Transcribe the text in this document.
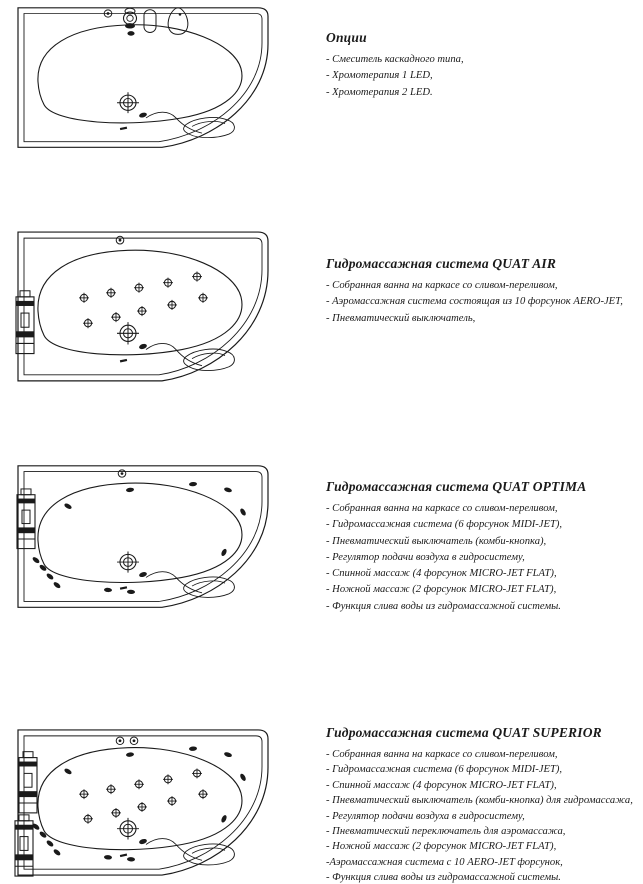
Опции

- Смеситель каскадного типа,

- Хромотерапия 1 LED,

- Хромотерапия 2 LED.

Гидромассажная система QUAT AIR

- Собранная ванна на каркасе со сливом-переливом,

- Аэромассажная система состоящая из 10 форсунок AERO-JET,

- Пневматический выключатель,

Гидромассажная система QUAT OPTIMA

- Собранная ванна на каркасе со сливом-переливом,

- Гидромассажная система (6 форсунок MIDI-JET),

- Пневматический выключатель (комби-кнопка),

- Регулятор подачи воздуха в гидросистему,

- Спинной массаж (4 форсунок MICRO-JET FLAT),

- Ножной массаж (2 форсунок MICRO-JET FLAT),

- Функция слива воды из гидромассажной системы.

Гидромассажная система QUAT SUPERIOR

- Собранная ванна на каркасе со сливом-переливом,

- Гидромассажная система (6 форсунок MIDI-JET),

- Спинной массаж (4 форсунок MICRO-JET FLAT),

- Пневматический выключатель (комби-кнопка) для гидромассажа,

- Регулятор подачи воздуха в гидросистему,

- Пневматический переключатель для аэромассажа,

- Ножной массаж (2 форсунок MICRO-JET FLAT),

-Аэромассажная система с 10 AERO-JET форсунок,

- Функция слива воды из гидромассажной системы.
